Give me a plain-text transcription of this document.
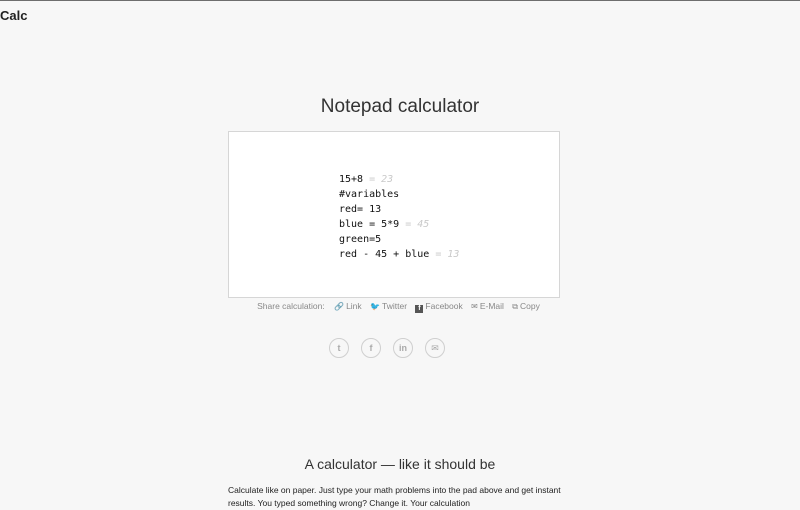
Calc
Notepad calculator
15+8 = 23
#variables
red= 13
blue = 5*9 = 45
green=5
red - 45 + blue = 13
Share calculation: 🔗 Link 🐦 Twitter f Facebook ✉ E-Mail ⧉ Copy
t	f	in	✉
A calculator — like it should be

Calculate like on paper. Just type your math problems into the pad above and get instant results. You typed something wrong? Change it. Your calculation
